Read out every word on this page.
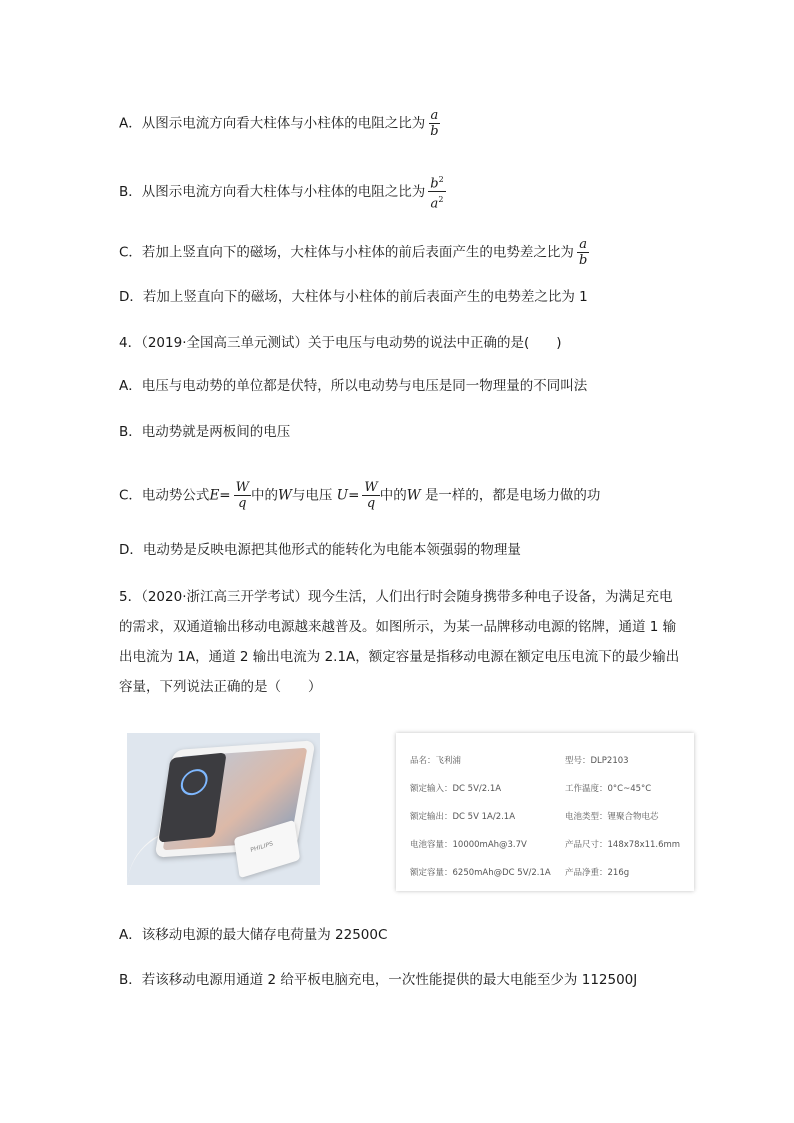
A．从图示电流方向看大柱体与小柱体的电阻之比为 $\frac{a}{b}$
B．从图示电流方向看大柱体与小柱体的电阻之比为 $\frac{b^2}{a^2}$
C．若加上竖直向下的磁场，大柱体与小柱体的前后表面产生的电势差之比为 $\frac{a}{b}$
D．若加上竖直向下的磁场，大柱体与小柱体的前后表面产生的电势差之比为 1
4．（2019·全国高三单元测试）关于电压与电动势的说法中正确的是(　　)
A．电压与电动势的单位都是伏特，所以电动势与电压是同一物理量的不同叫法
B．电动势就是两板间的电压
C．电动势公式$E= \frac{W}{q}$ 中的W与电压 $U= \frac{W}{q}$ 中的W 是一样的，都是电场力做的功
D．电动势是反映电源把其他形式的能转化为电能本领强弱的物理量
5．（2020·浙江高三开学考试）现今生活，人们出行时会随身携带多种电子设备，为满足充电的需求，双通道输出移动电源越来越普及。如图所示，为某一品牌移动电源的铭牌，通道 1 输出电流为 1A，通道 2 输出电流为 2.1A，额定容量是指移动电源在额定电压电流下的最少输出容量，下列说法正确的是（　　）
PHILIPS
品名：飞利浦	型号：DLP2103
额定输入：DC 5V/2.1A	工作温度：0°C~45°C
额定输出：DC 5V 1A/2.1A	电池类型：锂聚合物电芯
电池容量：10000mAh@3.7V	产品尺寸：148x78x11.6mm
额定容量：6250mAh@DC 5V/2.1A 产品净重：216g
A．该移动电源的最大储存电荷量为 22500C
B．若该移动电源用通道 2 给平板电脑充电，一次性能提供的最大电能至少为 112500J
